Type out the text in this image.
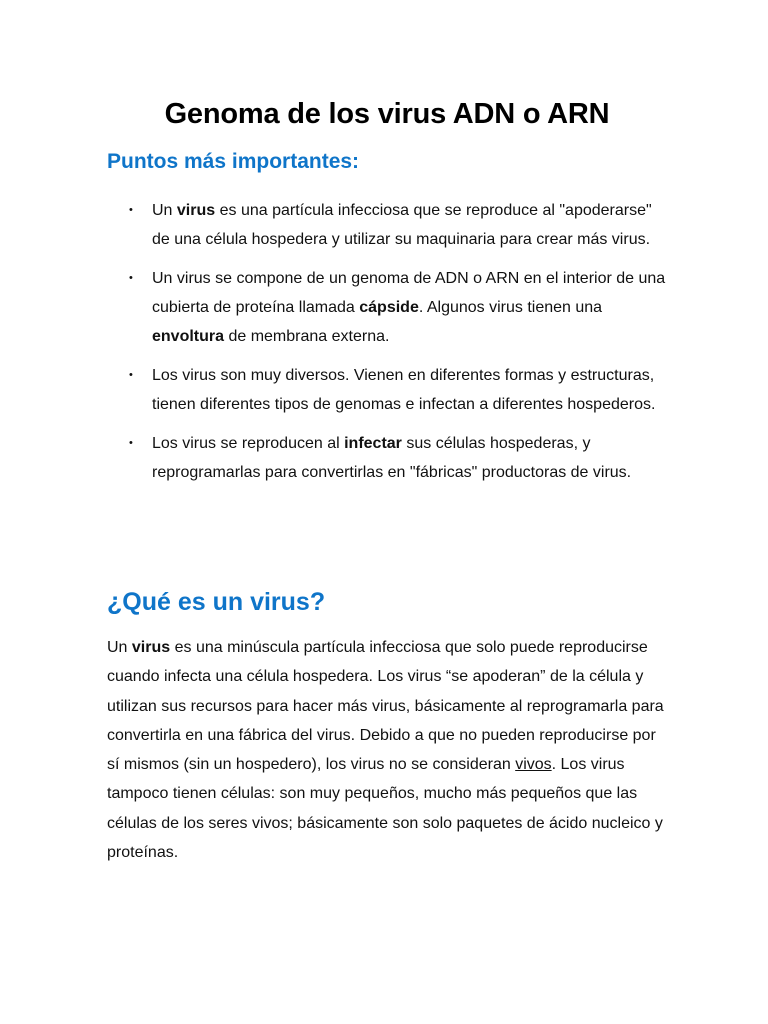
Genoma de los virus ADN o ARN
Puntos más importantes:
• Un virus es una partícula infecciosa que se reproduce al "apoderarse" de una célula hospedera y utilizar su maquinaria para crear más virus.
• Un virus se compone de un genoma de ADN o ARN en el interior de una cubierta de proteína llamada cápside. Algunos virus tienen una envoltura de membrana externa.
• Los virus son muy diversos. Vienen en diferentes formas y estructuras, tienen diferentes tipos de genomas e infectan a diferentes hospederos.
• Los virus se reproducen al infectar sus células hospederas, y reprogramarlas para convertirlas en "fábricas" productoras de virus.
¿Qué es un virus?

Un virus es una minúscula partícula infecciosa que solo puede reproducirse cuando infecta una célula hospedera. Los virus “se apoderan” de la célula y utilizan sus recursos para hacer más virus, básicamente al reprogramarla para convertirla en una fábrica del virus. Debido a que no pueden reproducirse por sí mismos (sin un hospedero), los virus no se consideran vivos. Los virus tampoco tienen células: son muy pequeños, mucho más pequeños que las células de los seres vivos; básicamente son solo paquetes de ácido nucleico y proteínas.
